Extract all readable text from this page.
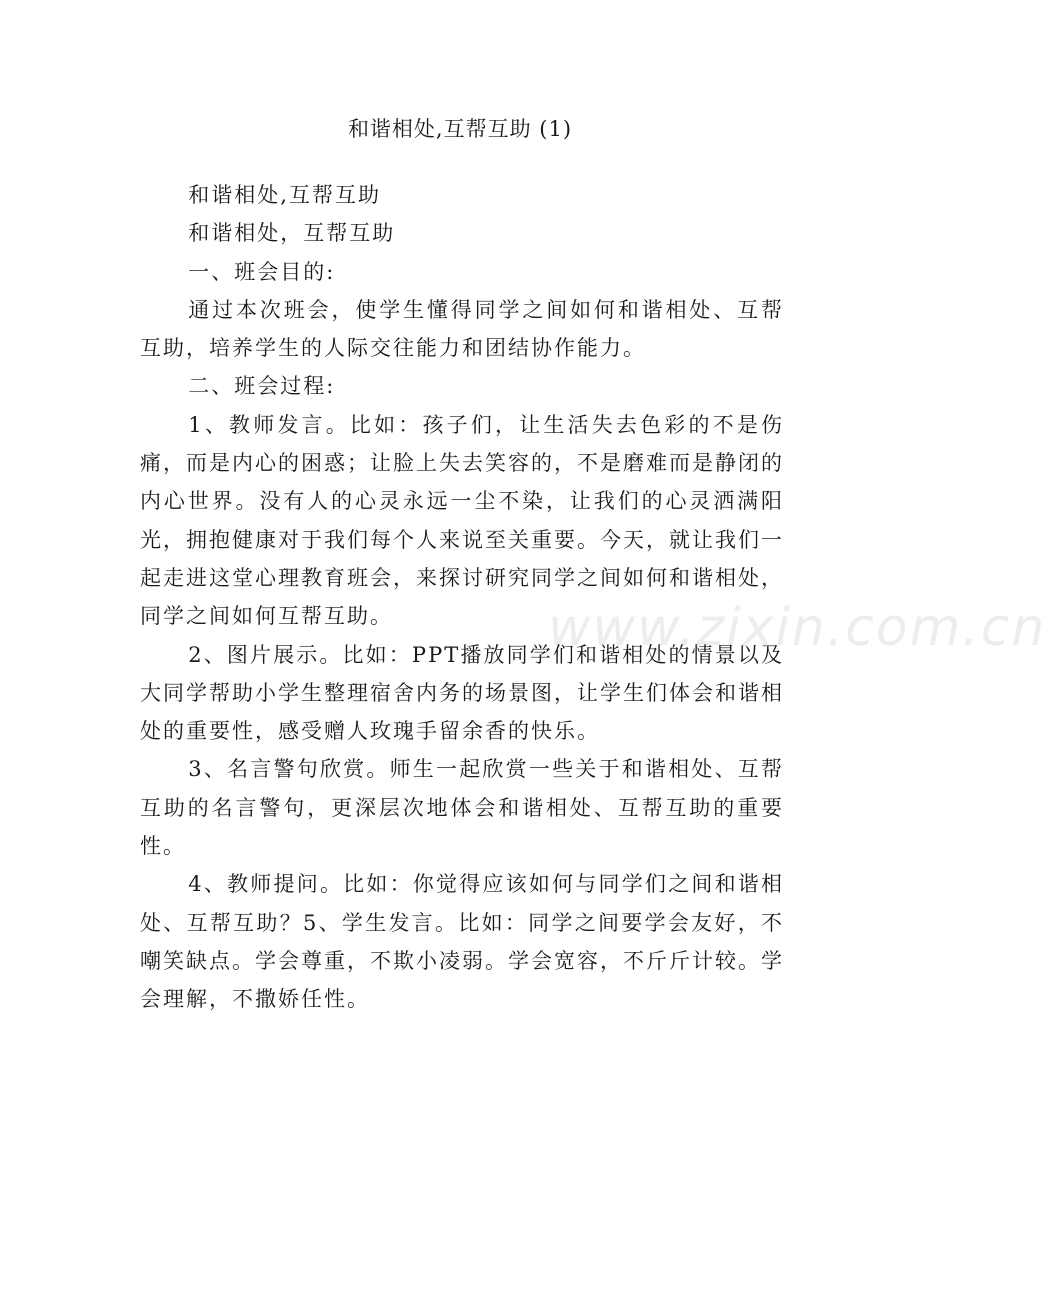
www.zixin.com.cn
和谐相处,互帮互助 (1)

和谐相处,互帮互助

和谐相处，互帮互助

一、班会目的:

通过本次班会，使学生懂得同学之间如何和谐相处、互帮互助，培养学生的人际交往能力和团结协作能力。

二、班会过程:

1、教师发言。比如：孩子们，让生活失去色彩的不是伤痛，而是内心的困惑；让脸上失去笑容的，不是磨难而是静闭的内心世界。没有人的心灵永远一尘不染，让我们的心灵洒满阳光，拥抱健康对于我们每个人来说至关重要。今天，就让我们一起走进这堂心理教育班会，来探讨研究同学之间如何和谐相处，同学之间如何互帮互助。

2、图片展示。比如：PPT播放同学们和谐相处的情景以及大同学帮助小学生整理宿舍内务的场景图，让学生们体会和谐相处的重要性，感受赠人玫瑰手留余香的快乐。

3、名言警句欣赏。师生一起欣赏一些关于和谐相处、互帮互助的名言警句，更深层次地体会和谐相处、互帮互助的重要性。

4、教师提问。比如：你觉得应该如何与同学们之间和谐相处、互帮互助？5、学生发言。比如：同学之间要学会友好，不嘲笑缺点。学会尊重，不欺小凌弱。学会宽容，不斤斤计较。学会理解，不撒娇任性。
